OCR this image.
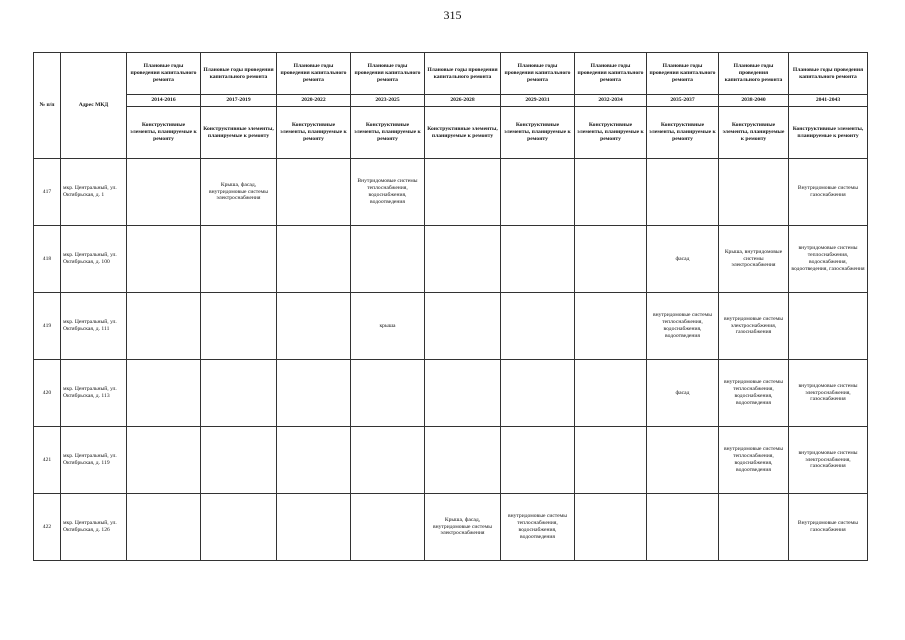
315
№ п/п	Адрес МКД	Плановые годы проведения капитального ремонта	Плановые годы проведения капитального ремонта	Плановые годы проведения капитального ремонта	Плановые годы проведения капитального ремонта	Плановые годы проведения капитального ремонта	Плановые годы проведения капитального ремонта	Плановые годы проведения капитального ремонта	Плановые годы проведения капитального ремонта	Плановые годы проведения капитального ремонта	Плановые годы проведения капитального ремонта
		2014-2016	2017-2019	2020-2022	2023-2025	2026-2028	2029-2031	2032-2034	2035-2037	2038-2040	2041-2043
		Конструктивные элементы, планируемые к ремонту	Конструктивные элементы, планируемые к ремонту	Конструктивные элементы, планируемые к ремонту	Конструктивные элементы, планируемые к ремонту	Конструктивные элементы, планируемые к ремонту	Конструктивные элементы, планируемые к ремонту	Конструктивные элементы, планируемые к ремонту	Конструктивные элементы, планируемые к ремонту	Конструктивные элементы, планируемые к ремонту	Конструктивные элементы, планируемые к ремонту
417	мкр. Центральный, ул. Октябрьская, д. 1		Крыша, фасад, внутридомовые системы электроснабжения		Внутридомовые системы теплоснабжения, водоснабжения, водоотведения						Внутридомовые системы газоснабжения
418	мкр. Центральный, ул. Октябрьская, д. 100								фасад	Крыша, внутридомовые системы электроснабжения	внутридомовые системы теплоснабжения, водоснабжения, водоотведения, газоснабжения
419	мкр. Центральный, ул. Октябрьская, д. 111				крыша				внутридомовые системы теплоснабжения, водоснабжения, водоотведения	внутридомовые системы электроснабжения, газоснабжения	
420	мкр. Центральный, ул. Октябрьская, д. 113								фасад	внутридомовые системы теплоснабжения, водоснабжения, водоотведения	внутридомовые системы электроснабжения, газоснабжения
421	мкр. Центральный, ул. Октябрьская, д. 119									внутридомовые системы теплоснабжения, водоснабжения, водоотведения	внутридомовые системы электроснабжения, газоснабжения
422	мкр. Центральный, ул. Октябрьская, д. 126					Крыша, фасад, внутридомовые системы электроснабжения	внутридомовые системы теплоснабжения, водоснабжения, водоотведения				Внутридомовые системы газоснабжения
